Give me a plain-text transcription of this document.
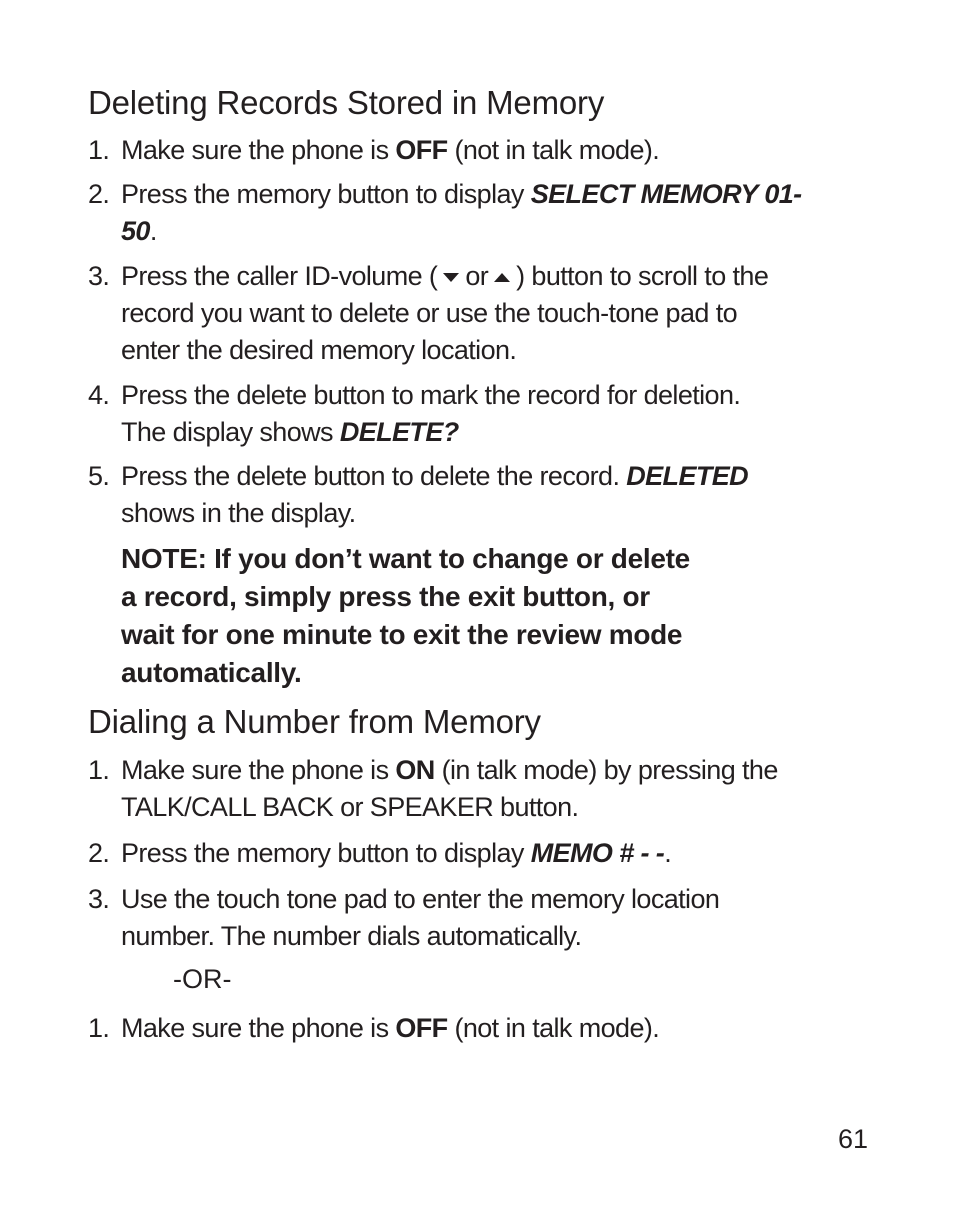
Deleting Records Stored in Memory
1. Make sure the phone is OFF (not in talk mode).
2. Press the memory button to display SELECT MEMORY 01-
50.
3. Press the caller ID-volume ( or ) button to scroll to the
record you want to delete or use the touch-tone pad to
enter the desired memory location.
4. Press the delete button to mark the record for deletion.
The display shows DELETE?
5. Press the delete button to delete the record. DELETED
shows in the display.
NOTE: If you don’t want to change or delete
a record, simply press the exit button, or
wait for one minute to exit the review mode
automatically.
Dialing a Number from Memory
1. Make sure the phone is ON (in talk mode) by pressing the
TALK/CALL BACK or SPEAKER button.
2. Press the memory button to display MEMO # - -.
3. Use the touch tone pad to enter the memory location
number. The number dials automatically.
-OR-
1. Make sure the phone is OFF (not in talk mode).
61
